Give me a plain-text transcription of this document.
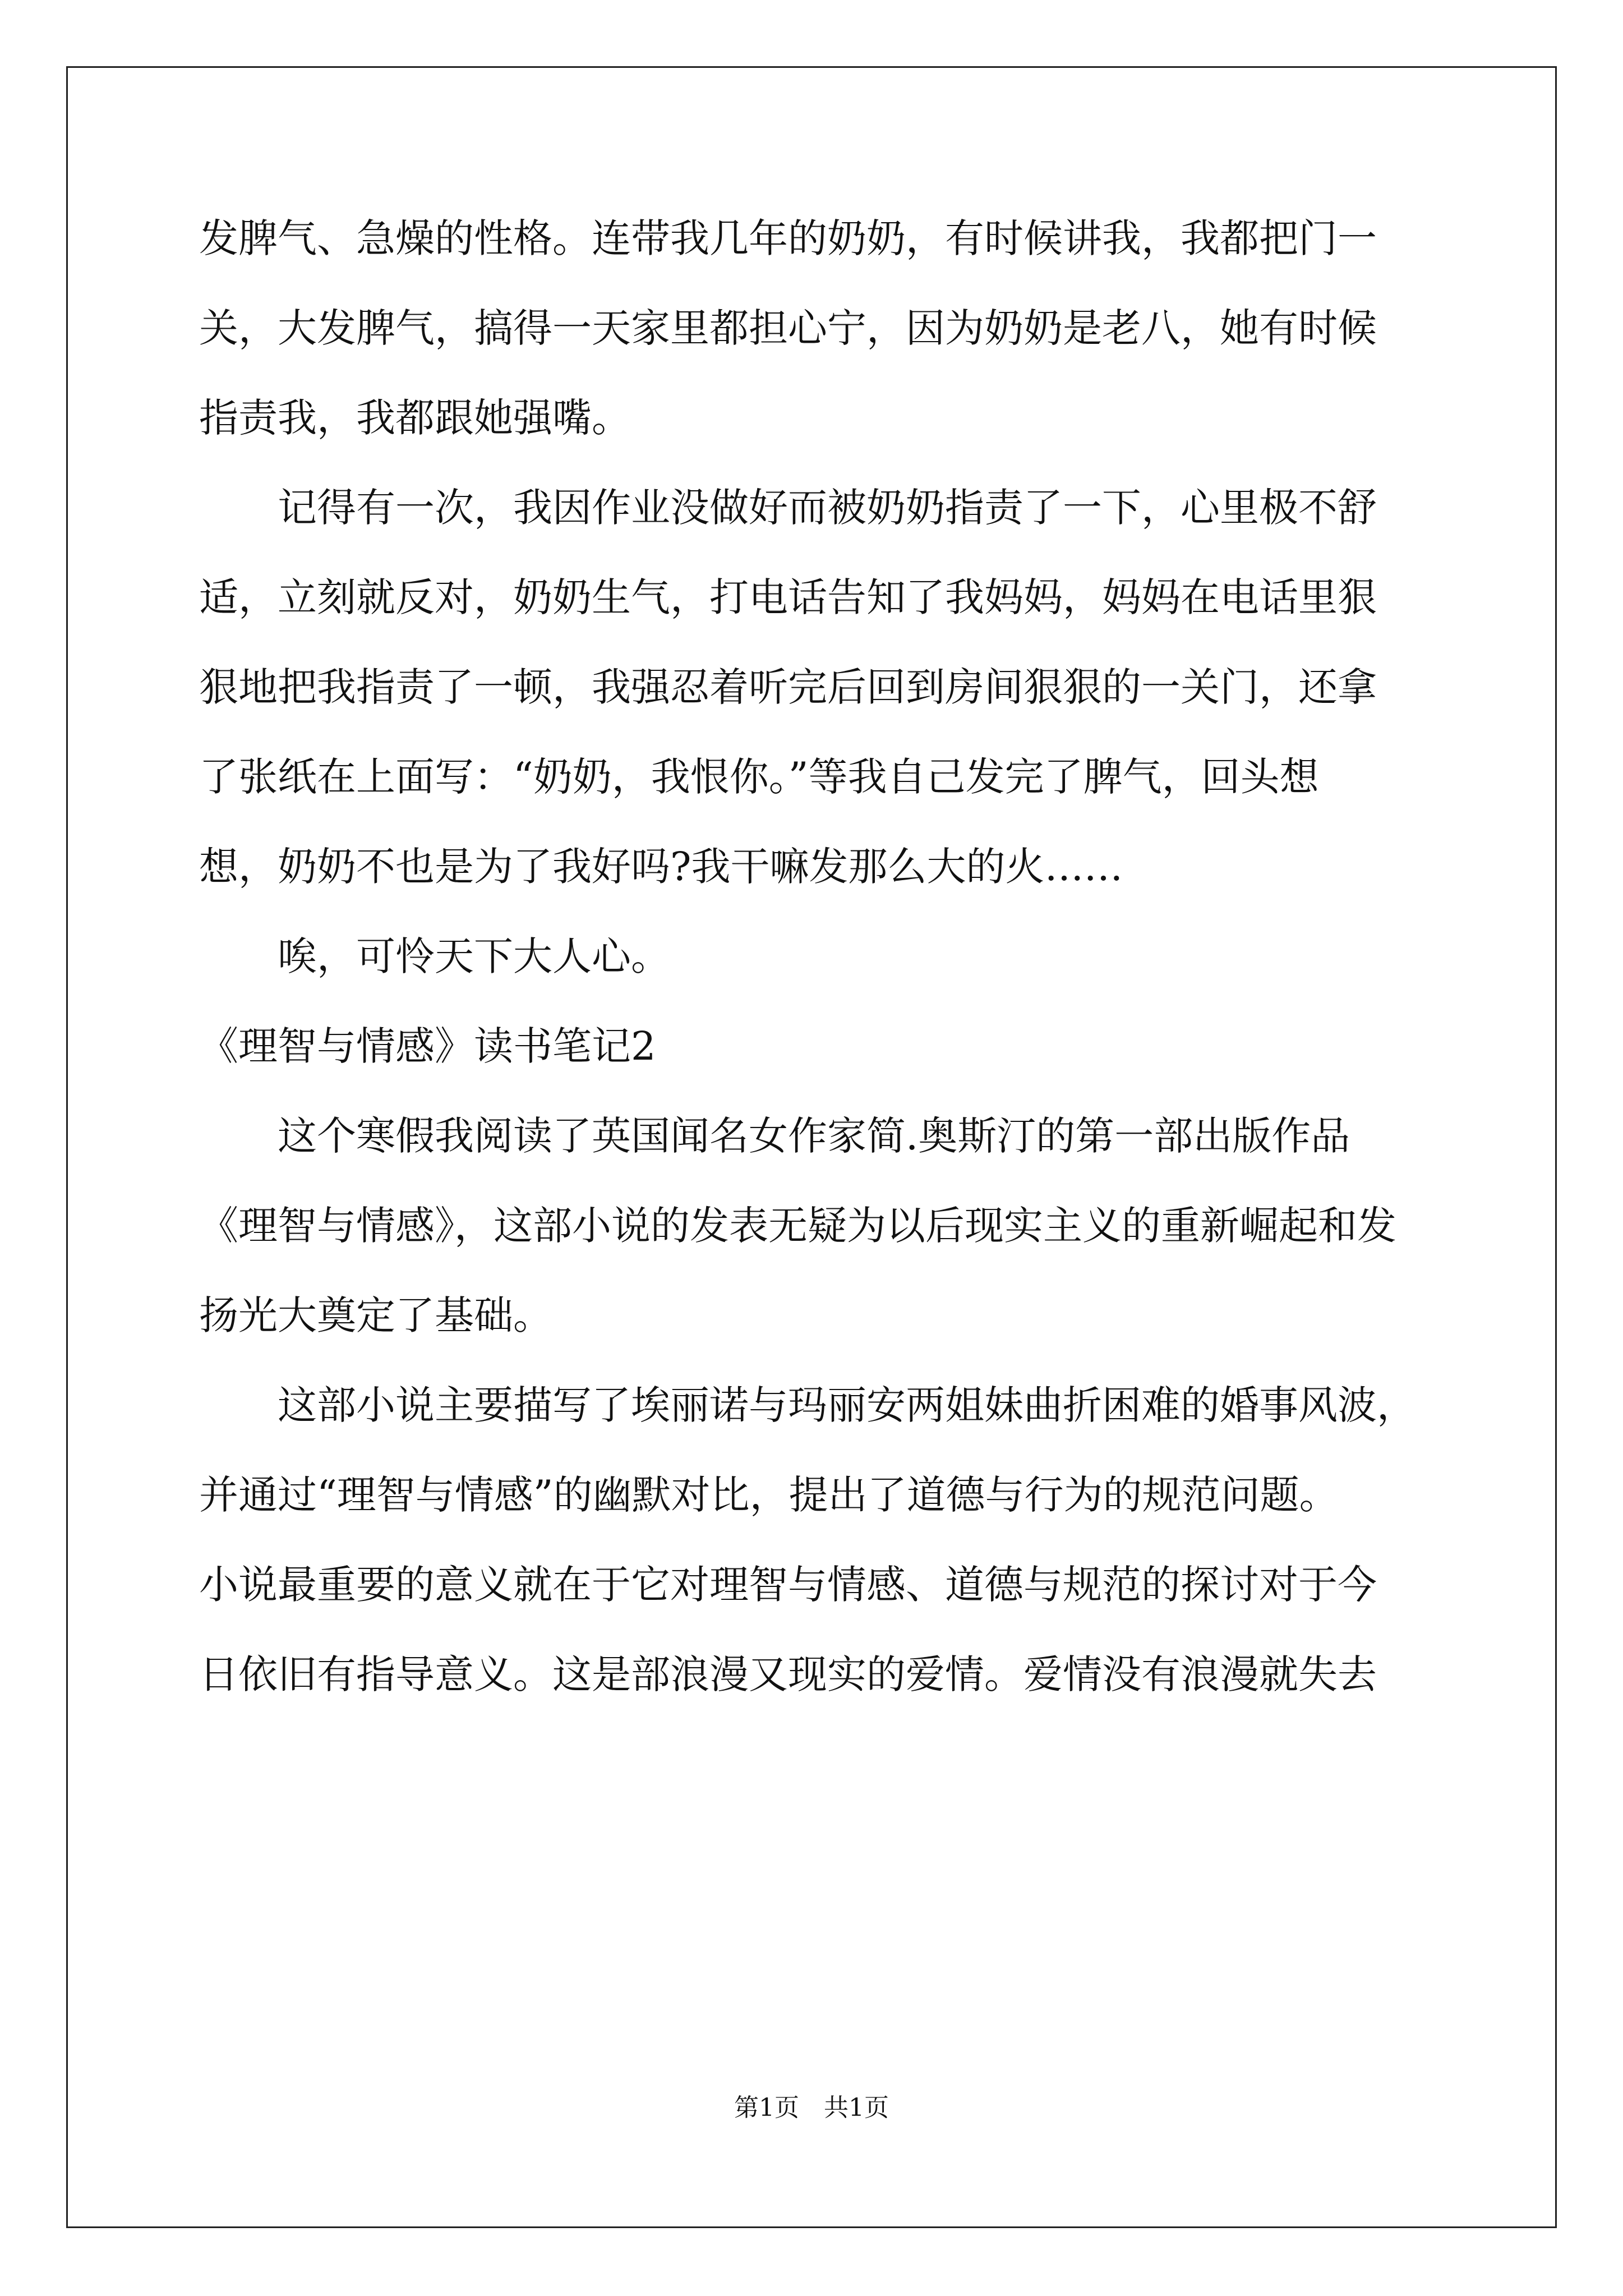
发脾气、急燥的性格。连带我几年的奶奶，有时候讲我，我都把门一
关，大发脾气，搞得一天家里都担心宁，因为奶奶是老八，她有时候
指责我，我都跟她强嘴。
　　记得有一次，我因作业没做好而被奶奶指责了一下，心里极不舒
适，立刻就反对，奶奶生气，打电话告知了我妈妈，妈妈在电话里狠
狠地把我指责了一顿，我强忍着听完后回到房间狠狠的一关门，还拿
了张纸在上面写：“奶奶，我恨你。”等我自己发完了脾气，回头想
想，奶奶不也是为了我好吗?我干嘛发那么大的火……
　　唉，可怜天下大人心。
《理智与情感》读书笔记2
　　这个寒假我阅读了英国闻名女作家简.奥斯汀的第一部出版作品
《理智与情感》，这部小说的发表无疑为以后现实主义的重新崛起和发
扬光大奠定了基础。
　　这部小说主要描写了埃丽诺与玛丽安两姐妹曲折困难的婚事风波，
并通过“理智与情感”的幽默对比，提出了道德与行为的规范问题。
小说最重要的意义就在于它对理智与情感、道德与规范的探讨对于今
日依旧有指导意义。这是部浪漫又现实的爱情。爱情没有浪漫就失去
第1页　共1页
